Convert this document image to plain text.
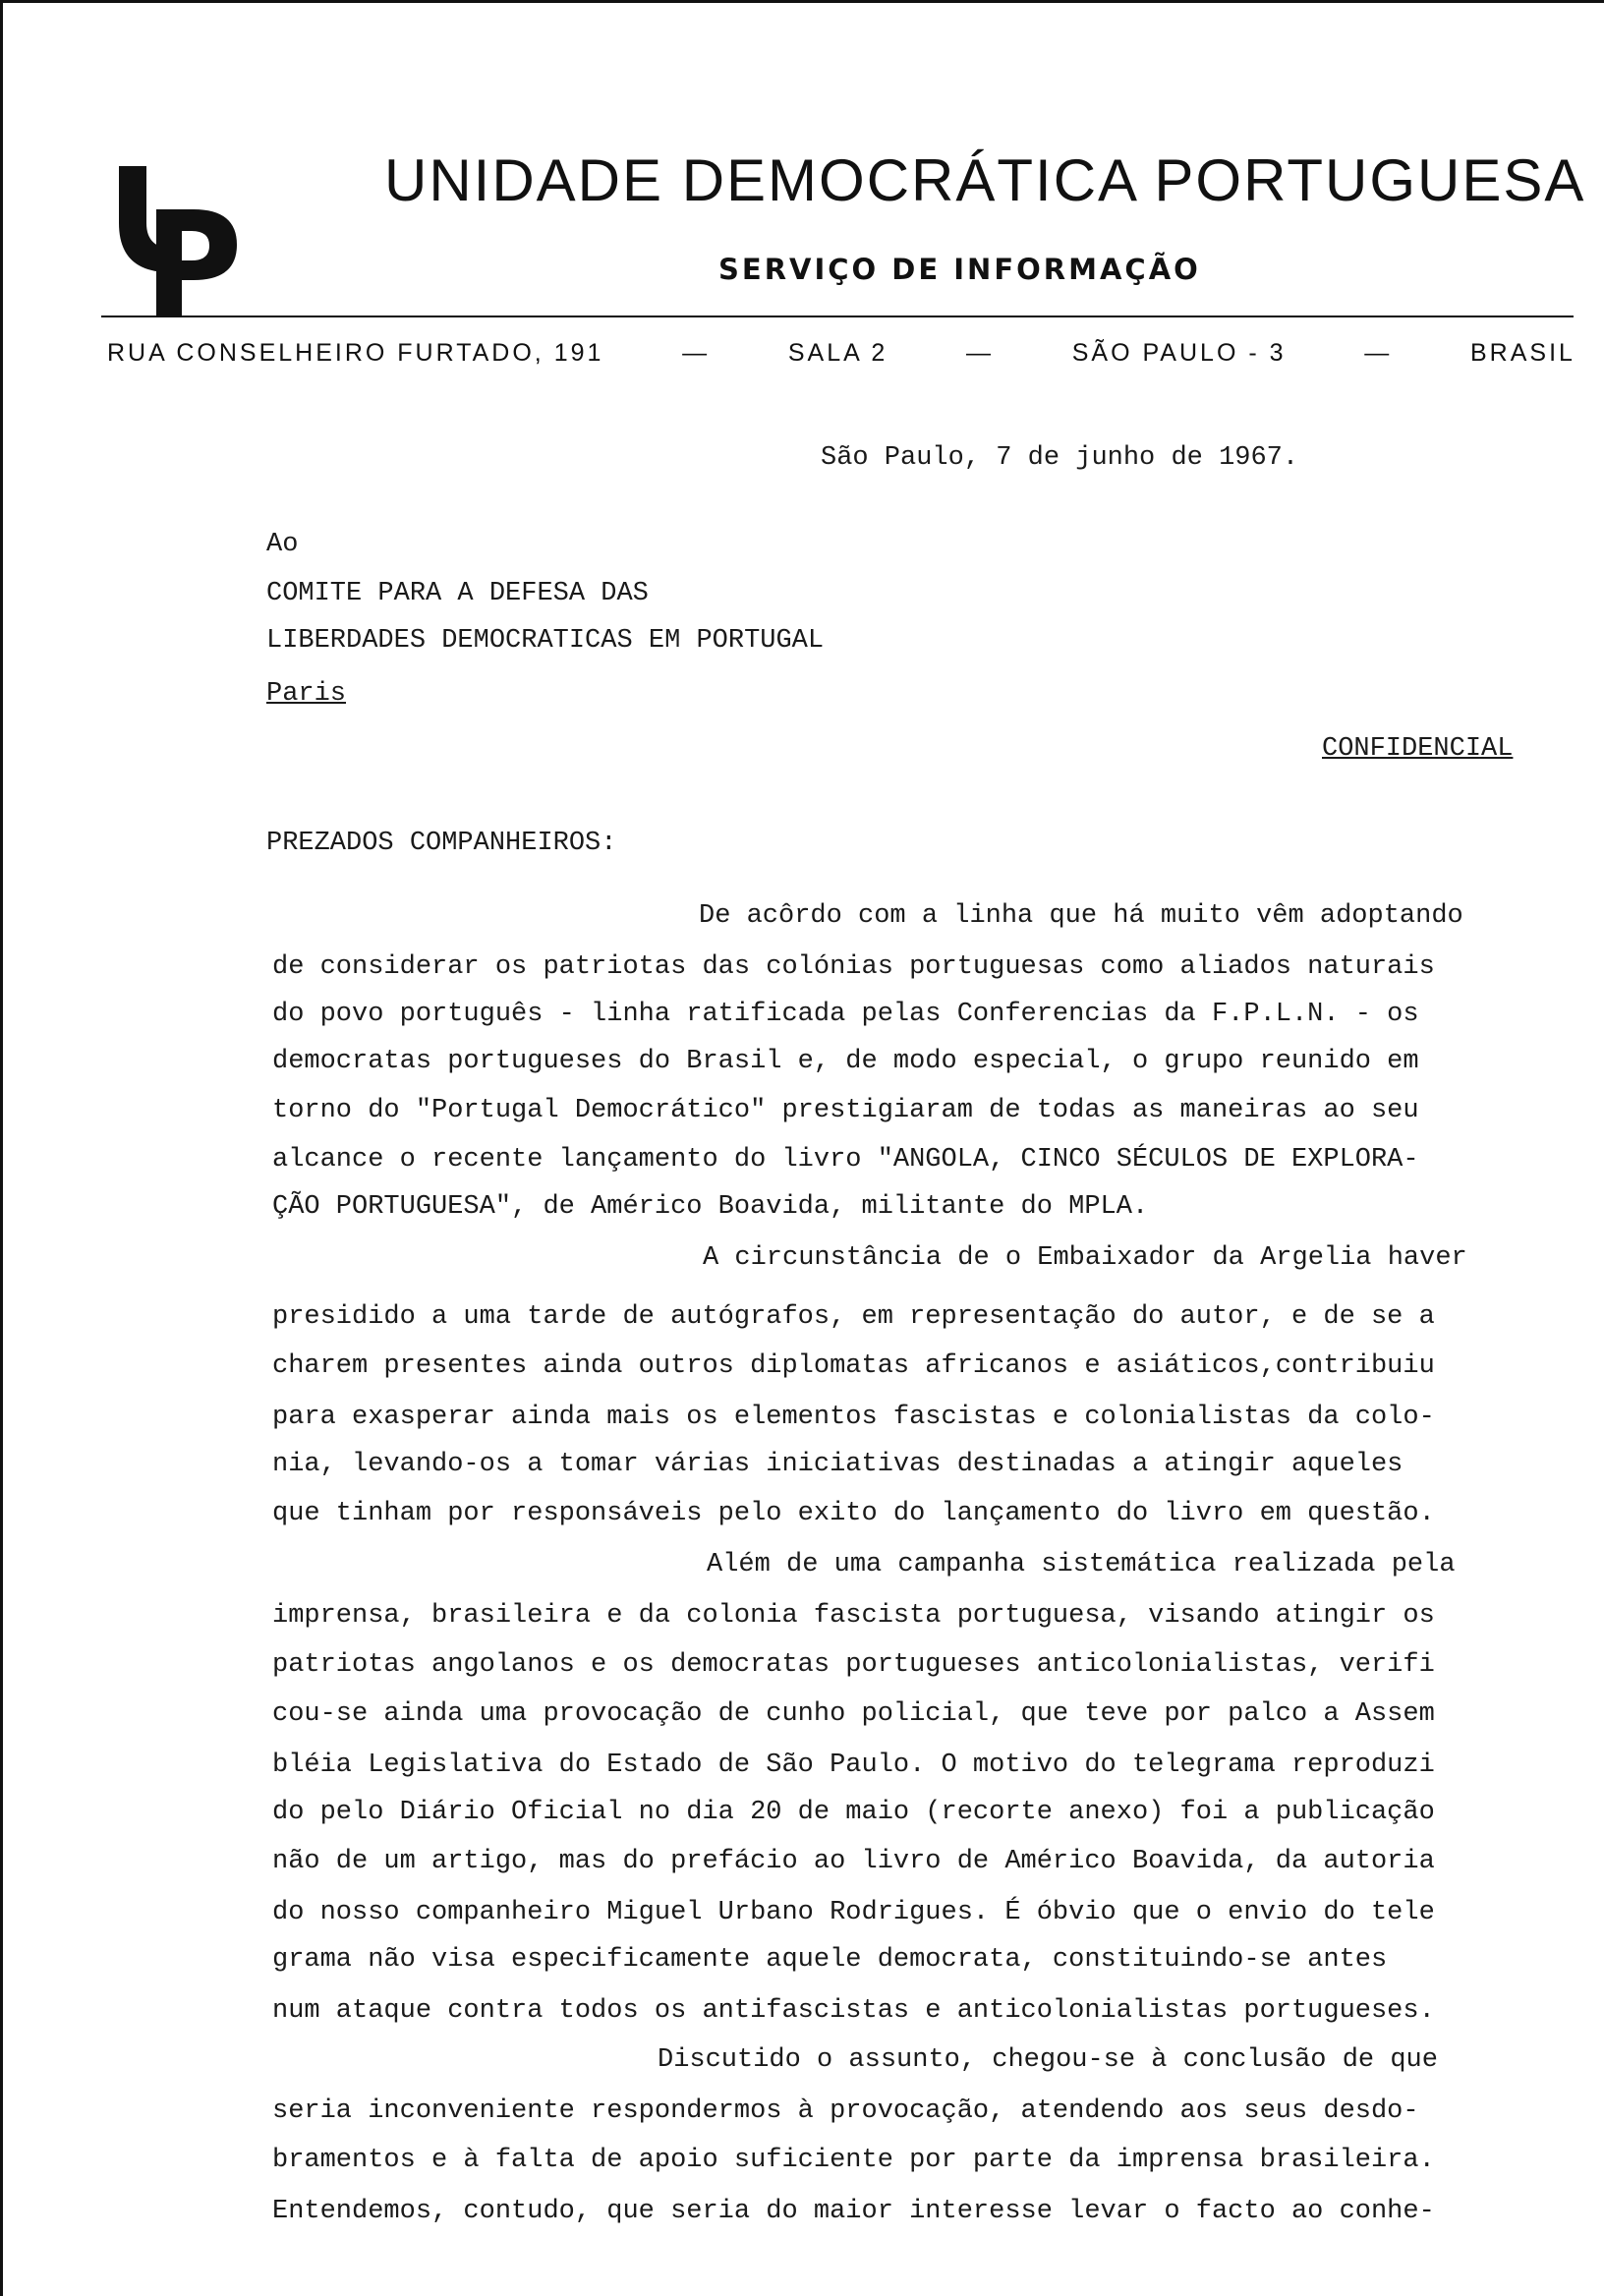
UNIDADE DEMOCRÁTICA PORTUGUESA
SERVIÇO DE INFORMAÇÃO
RUA CONSELHEIRO FURTADO, 191	—	SALA 2	—	SÃO PAULO - 3	—	BRASIL
São Paulo, 7 de junho de 1967.
Ao
COMITE PARA A DEFESA DAS
LIBERDADES DEMOCRATICAS EM PORTUGAL
Paris
CONFIDENCIAL
PREZADOS COMPANHEIROS:
De acôrdo com a linha que há muito vêm adoptando
de considerar os patriotas das colónias portuguesas como aliados naturais
do povo português - linha ratificada pelas Conferencias da F.P.L.N. - os
democratas portugueses do Brasil e, de modo especial, o grupo reunido em
torno do "Portugal Democrático" prestigiaram de todas as maneiras ao seu
alcance o recente lançamento do livro "ANGOLA, CINCO SÉCULOS DE EXPLORA-
ÇÃO PORTUGUESA", de Américo Boavida, militante do MPLA.
A circunstância de o Embaixador da Argelia haver
presidido a uma tarde de autógrafos, em representação do autor, e de se a
charem presentes ainda outros diplomatas africanos e asiáticos,contribuiu
para exasperar ainda mais os elementos fascistas e colonialistas da colo-
nia, levando-os a tomar várias iniciativas destinadas a atingir aqueles
que tinham por responsáveis pelo exito do lançamento do livro em questão.
Além de uma campanha sistemática realizada pela
imprensa, brasileira e da colonia fascista portuguesa, visando atingir os
patriotas angolanos e os democratas portugueses anticolonialistas, verifi
cou-se ainda uma provocação de cunho policial, que teve por palco a Assem
bléia Legislativa do Estado de São Paulo. O motivo do telegrama reproduzi
do pelo Diário Oficial no dia 20 de maio (recorte anexo) foi a publicação
não de um artigo, mas do prefácio ao livro de Américo Boavida, da autoria
do nosso companheiro Miguel Urbano Rodrigues. É óbvio que o envio do tele
grama não visa especificamente aquele democrata, constituindo-se antes
num ataque contra todos os antifascistas e anticolonialistas portugueses.
Discutido o assunto, chegou-se à conclusão de que
seria inconveniente respondermos à provocação, atendendo aos seus desdo-
bramentos e à falta de apoio suficiente por parte da imprensa brasileira.
Entendemos, contudo, que seria do maior interesse levar o facto ao conhe-
